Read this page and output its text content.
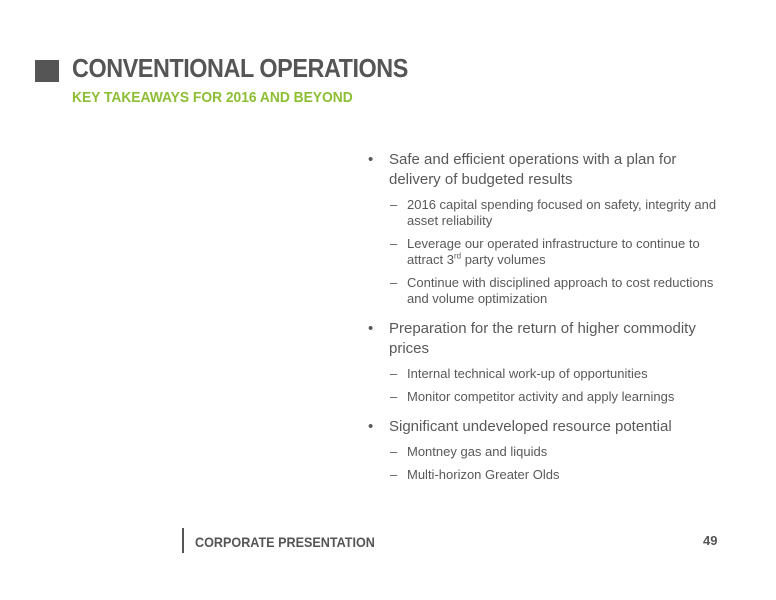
CONVENTIONAL OPERATIONS
KEY TAKEAWAYS FOR 2016 AND BEYOND
• Safe and efficient operations with a plan for delivery of budgeted results
– 2016 capital spending focused on safety, integrity and asset reliability
– Leverage our operated infrastructure to continue to attract 3rd party volumes
– Continue with disciplined approach to cost reductions and volume optimization
• Preparation for the return of higher commodity prices
– Internal technical work-up of opportunities
– Monitor competitor activity and apply learnings
• Significant undeveloped resource potential
– Montney gas and liquids
– Multi-horizon Greater Olds
CORPORATE PRESENTATION	49
